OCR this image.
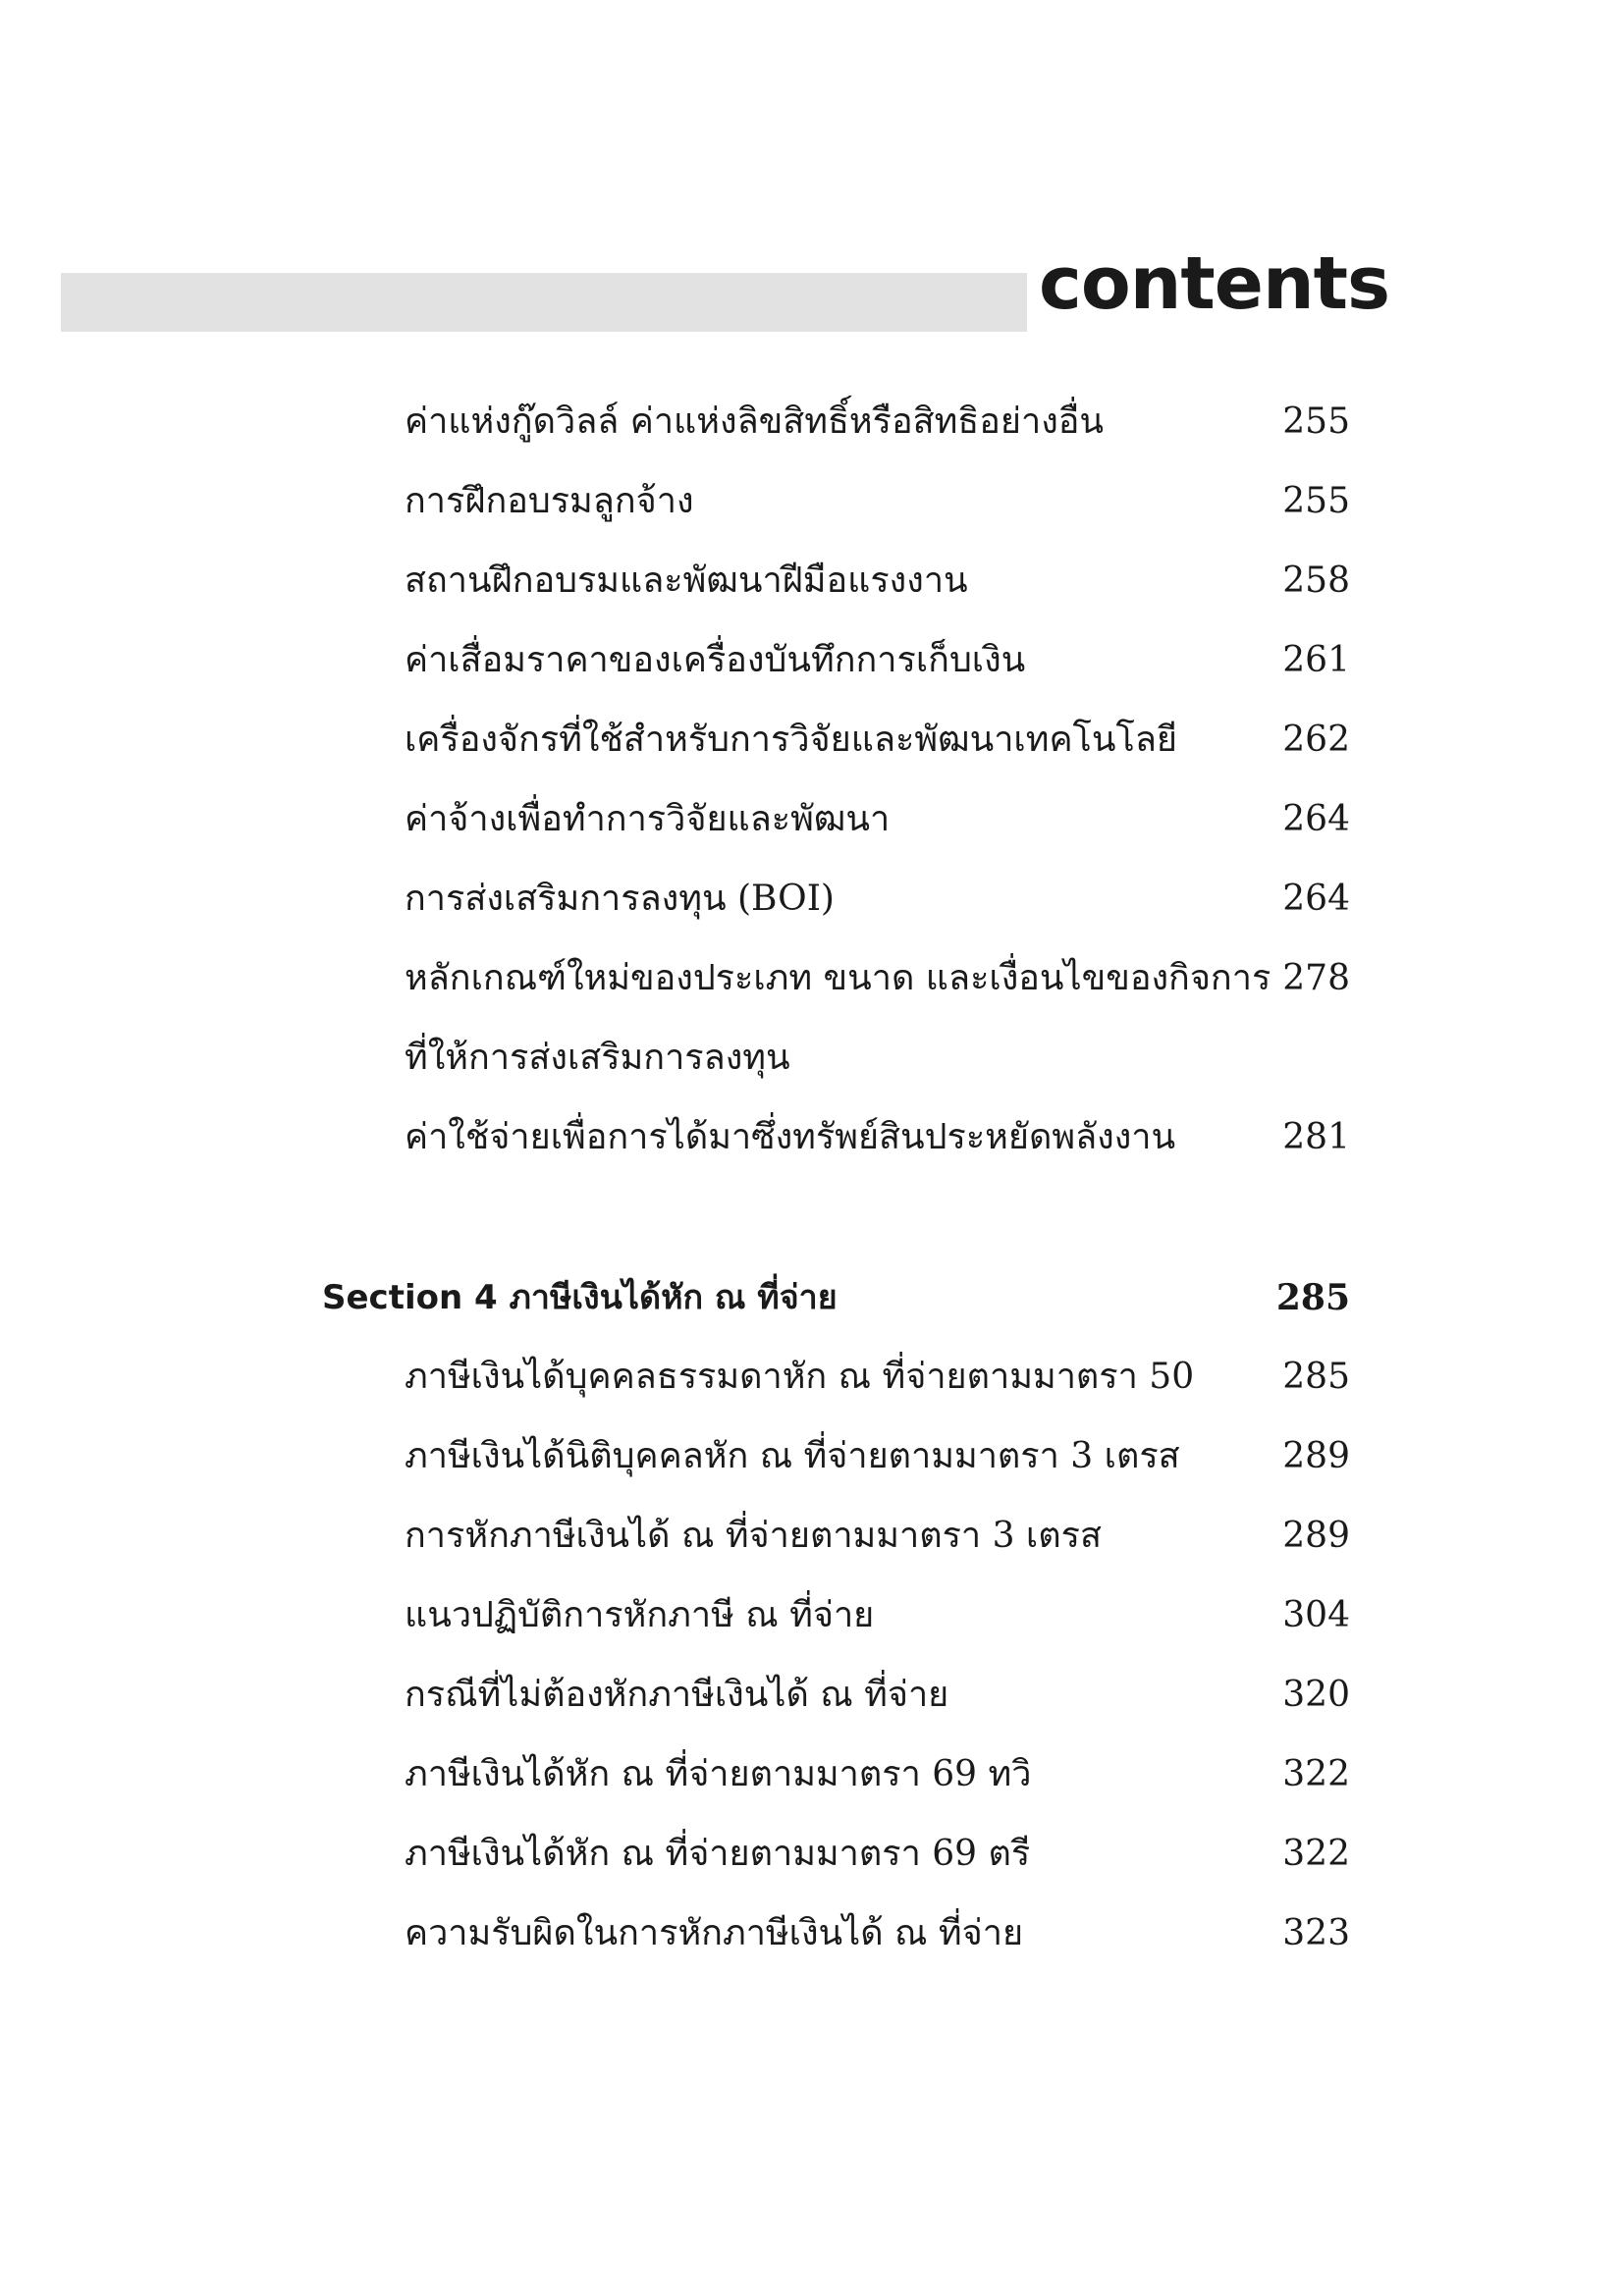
contents
ค่าแห่งกู๊ดวิลล์ ค่าแห่งลิขสิทธิ์หรือสิทธิอย่างอื่น	255
การฝึกอบรมลูกจ้าง	255
สถานฝึกอบรมและพัฒนาฝีมือแรงงาน	258
ค่าเสื่อมราคาของเครื่องบันทึกการเก็บเงิน	261
เครื่องจักรที่ใช้สำหรับการวิจัยและพัฒนาเทคโนโลยี	262
ค่าจ้างเพื่อทำการวิจัยและพัฒนา	264
การส่งเสริมการลงทุน (BOI)	264
หลักเกณฑ์ใหม่ของประเภท ขนาด และเงื่อนไขของกิจการ 278
ที่ให้การส่งเสริมการลงทุน
ค่าใช้จ่ายเพื่อการได้มาซึ่งทรัพย์สินประหยัดพลังงาน	281
Section 4 ภาษีเงินได้หัก ณ ที่จ่าย	285
ภาษีเงินได้บุคคลธรรมดาหัก ณ ที่จ่ายตามมาตรา 50	285
ภาษีเงินได้นิติบุคคลหัก ณ ที่จ่ายตามมาตรา 3 เตรส	289
การหักภาษีเงินได้ ณ ที่จ่ายตามมาตรา 3 เตรส	289
แนวปฏิบัติการหักภาษี ณ ที่จ่าย	304
กรณีที่ไม่ต้องหักภาษีเงินได้ ณ ที่จ่าย	320
ภาษีเงินได้หัก ณ ที่จ่ายตามมาตรา 69 ทวิ	322
ภาษีเงินได้หัก ณ ที่จ่ายตามมาตรา 69 ตรี	322
ความรับผิดในการหักภาษีเงินได้ ณ ที่จ่าย	323
